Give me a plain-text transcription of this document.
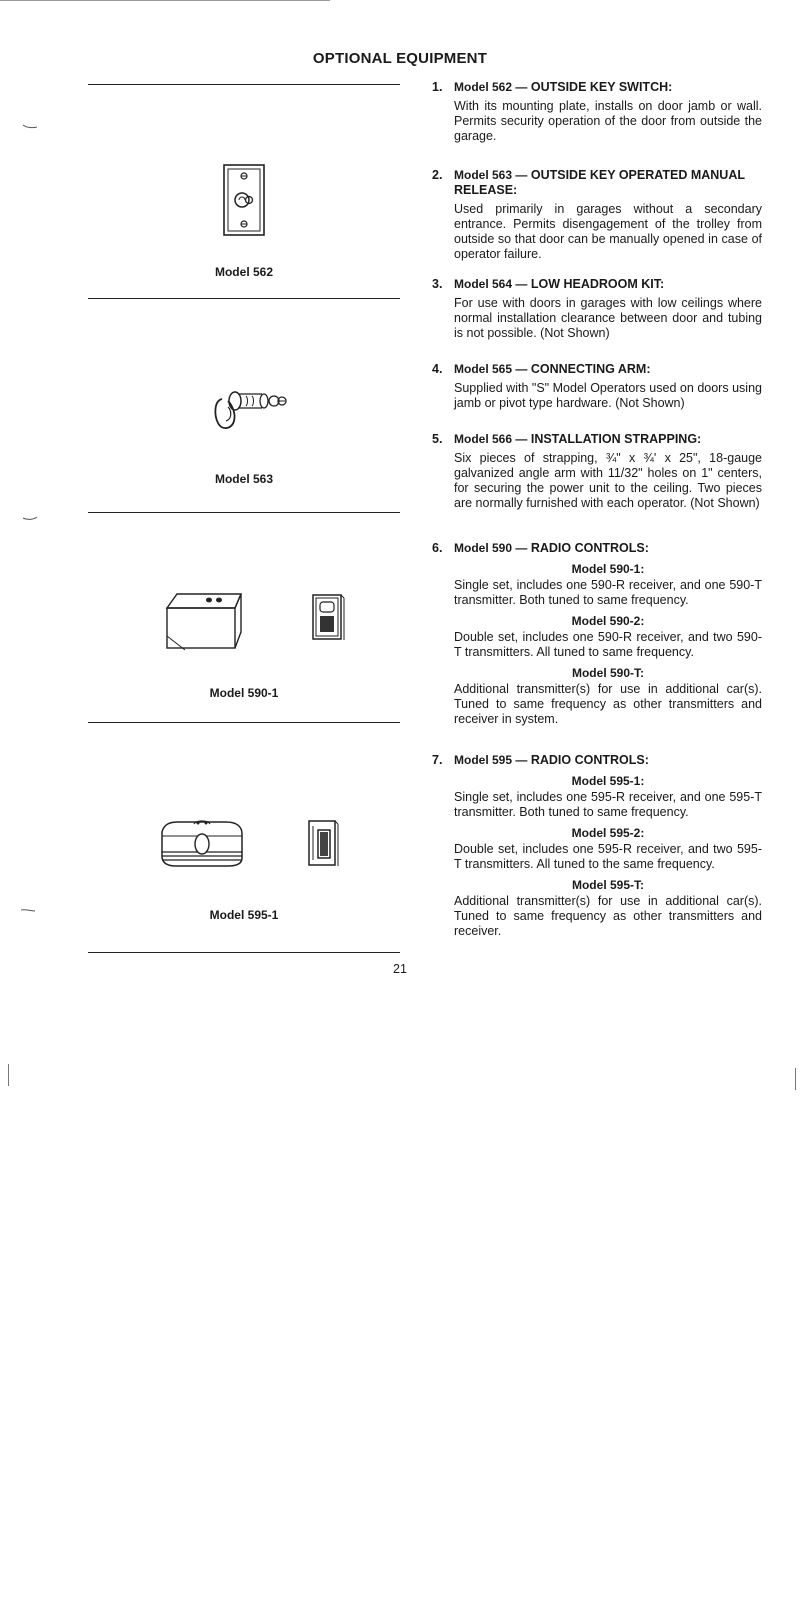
OPTIONAL EQUIPMENT
Model 562
Model 563
Model 590-1
Model 595-1
1. Model 562 — OUTSIDE KEY SWITCH:
With its mounting plate, installs on door jamb or wall. Permits security operation of the door from outside the garage.
2. Model 563 — OUTSIDE KEY OPERATED MANUAL RELEASE:
Used primarily in garages without a secondary entrance. Permits disengagement of the trolley from outside so that door can be manually opened in case of operator failure.
3. Model 564 — LOW HEADROOM KIT:
For use with doors in garages with low ceilings where normal installation clearance between door and tubing is not possible. (Not Shown)
4. Model 565 — CONNECTING ARM:
Supplied with "S" Model Operators used on doors using jamb or pivot type hardware. (Not Shown)
5. Model 566 — INSTALLATION STRAPPING:
Six pieces of strapping, ¾" x ¾' x 25", 18-gauge galvanized angle arm with 11/32" holes on 1" centers, for securing the power unit to the ceiling. Two pieces are normally furnished with each operator. (Not Shown)
6. Model 590 — RADIO CONTROLS:
Model 590-1:
Single set, includes one 590-R receiver, and one 590-T transmitter. Both tuned to same frequency.
Model 590-2:
Double set, includes one 590-R receiver, and two 590-T transmitters. All tuned to same frequency.
Model 590-T:
Additional transmitter(s) for use in additional car(s). Tuned to same frequency as other transmitters and receiver in system.
7. Model 595 — RADIO CONTROLS:
Model 595-1:
Single set, includes one 595-R receiver, and one 595-T transmitter. Both tuned to same frequency.
Model 595-2:
Double set, includes one 595-R receiver, and two 595-T transmitters. All tuned to the same frequency.
Model 595-T:
Additional transmitter(s) for use in additional car(s). Tuned to same frequency as other transmitters and receiver.
21
